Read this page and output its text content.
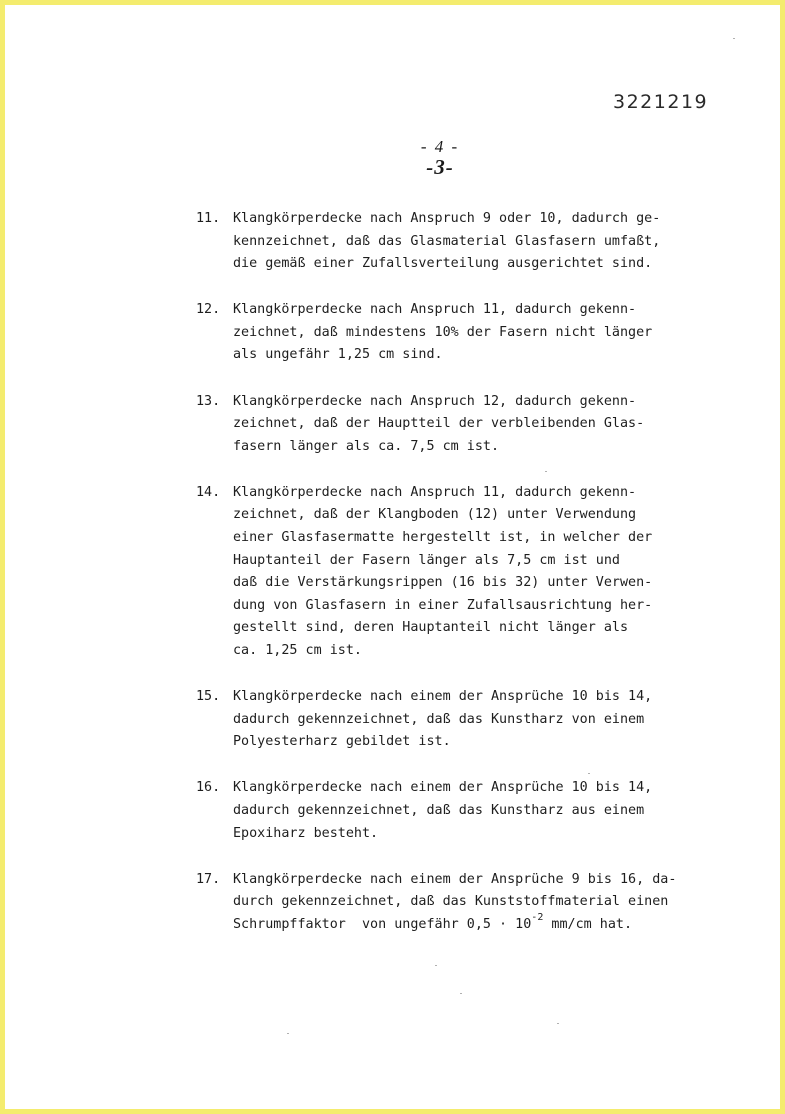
3221219
- 4 -
-3-
11. Klangkörperdecke nach Anspruch 9 oder 10, dadurch ge-
kennzeichnet, daß das Glasmaterial Glasfasern umfaßt,
die gemäß einer Zufallsverteilung ausgerichtet sind.
12. Klangkörperdecke nach Anspruch 11, dadurch gekenn-
zeichnet, daß mindestens 10% der Fasern nicht länger
als ungefähr 1,25 cm sind.
13. Klangkörperdecke nach Anspruch 12, dadurch gekenn-
zeichnet, daß der Hauptteil der verbleibenden Glas-
fasern länger als ca. 7,5 cm ist.
14. Klangkörperdecke nach Anspruch 11, dadurch gekenn-
zeichnet, daß der Klangboden (12) unter Verwendung
einer Glasfasermatte hergestellt ist, in welcher der
Hauptanteil der Fasern länger als 7,5 cm ist und
daß die Verstärkungsrippen (16 bis 32) unter Verwen-
dung von Glasfasern in einer Zufallsausrichtung her-
gestellt sind, deren Hauptanteil nicht länger als
ca. 1,25 cm ist.
15. Klangkörperdecke nach einem der Ansprüche 10 bis 14,
dadurch gekennzeichnet, daß das Kunstharz von einem
Polyesterharz gebildet ist.
16. Klangkörperdecke nach einem der Ansprüche 10 bis 14,
dadurch gekennzeichnet, daß das Kunstharz aus einem
Epoxiharz besteht.
17. Klangkörperdecke nach einem der Ansprüche 9 bis 16, da-
durch gekennzeichnet, daß das Kunststoffmaterial einen
Schrumpffaktor  von ungefähr $0,5 \cdot 10^{-2}$ mm/cm hat.
